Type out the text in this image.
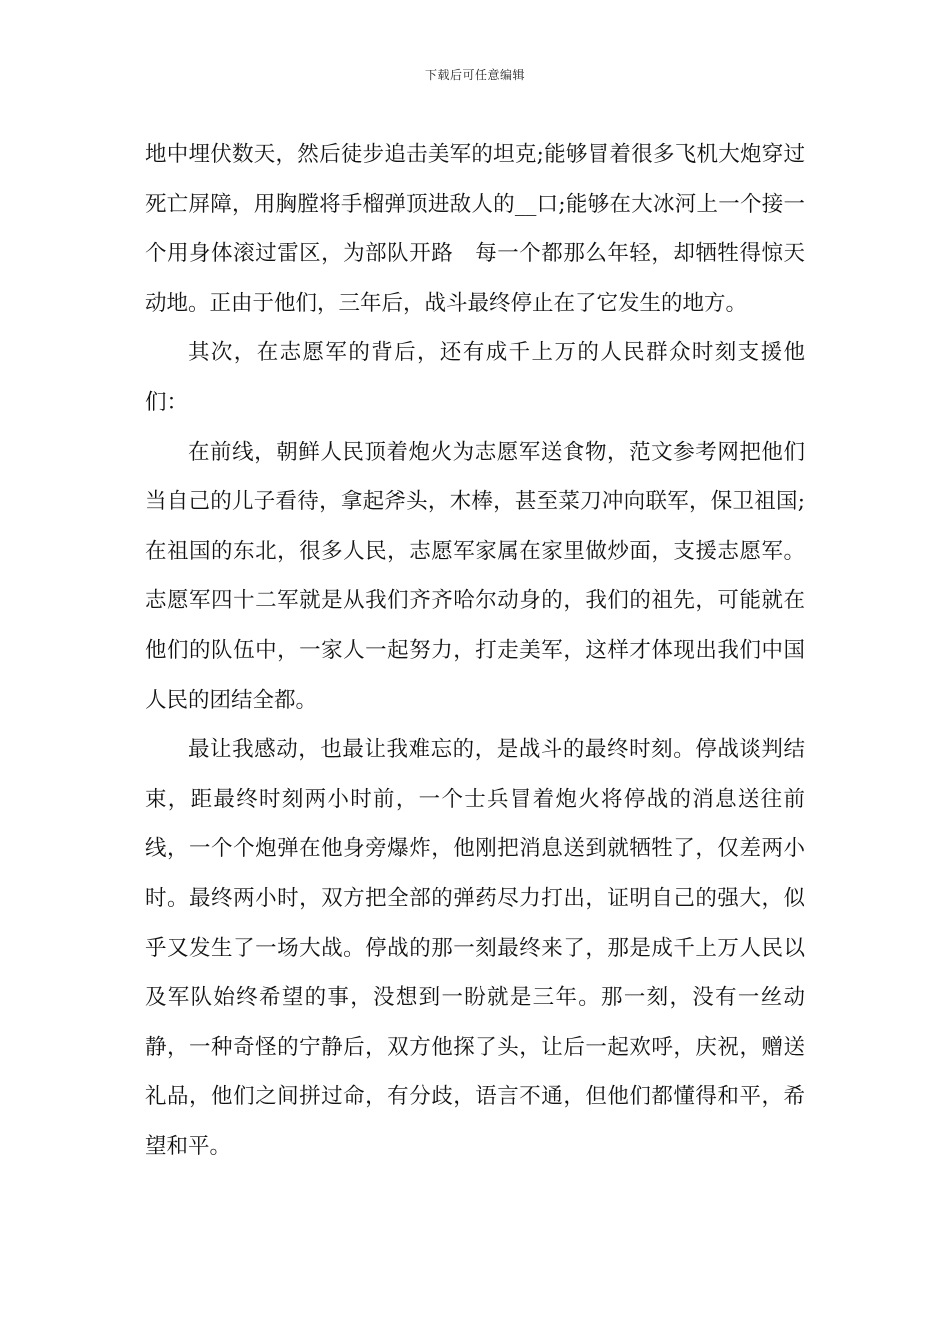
下载后可任意编辑

地中埋伏数天，然后徒步追击美军的坦克;能够冒着很多飞机大炮穿过死亡屏障，用胸膛将手榴弹顶进敌人的__口;能够在大冰河上一个接一个用身体滚过雷区，为部队开路　每一个都那么年轻，却牺牲得惊天动地。正由于他们，三年后，战斗最终停止在了它发生的地方。

其次，在志愿军的背后，还有成千上万的人民群众时刻支援他们：

在前线，朝鲜人民顶着炮火为志愿军送食物，范文参考网把他们当自己的儿子看待，拿起斧头，木棒，甚至菜刀冲向联军，保卫祖国;在祖国的东北，很多人民，志愿军家属在家里做炒面，支援志愿军。志愿军四十二军就是从我们齐齐哈尔动身的，我们的祖先，可能就在他们的队伍中，一家人一起努力，打走美军，这样才体现出我们中国人民的团结全都。

最让我感动，也最让我难忘的，是战斗的最终时刻。停战谈判结束，距最终时刻两小时前，一个士兵冒着炮火将停战的消息送往前线，一个个炮弹在他身旁爆炸，他刚把消息送到就牺牲了，仅差两小时。最终两小时，双方把全部的弹药尽力打出，证明自己的强大，似乎又发生了一场大战。停战的那一刻最终来了，那是成千上万人民以及军队始终希望的事，没想到一盼就是三年。那一刻，没有一丝动静，一种奇怪的宁静后，双方他探了头，让后一起欢呼，庆祝，赠送礼品，他们之间拼过命，有分歧，语言不通，但他们都懂得和平，希望和平。
